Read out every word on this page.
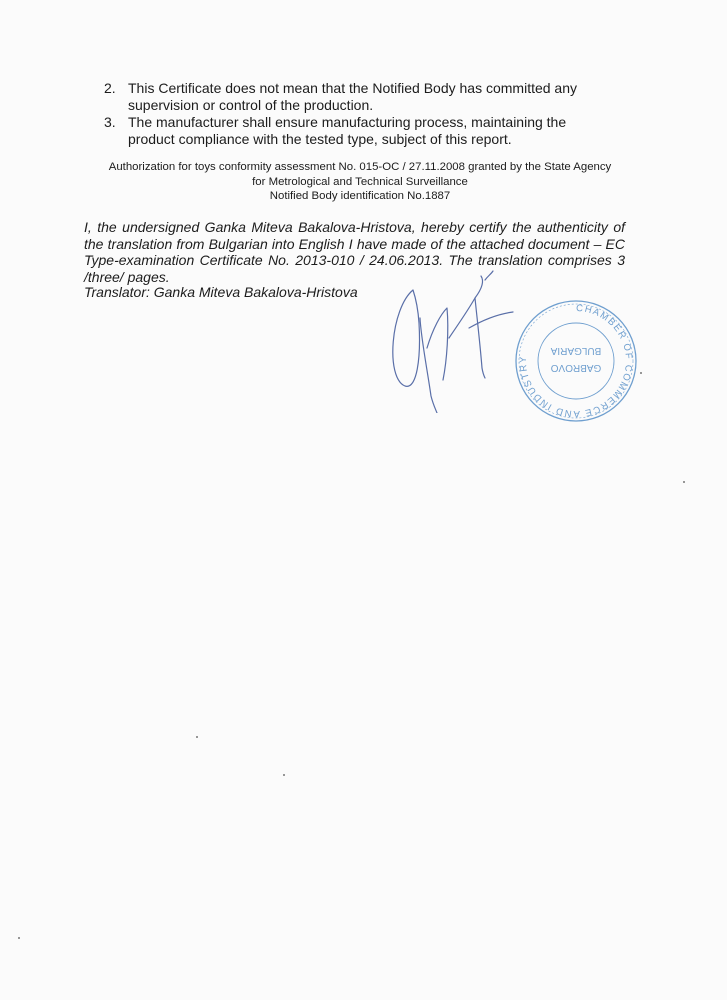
2. This Certificate does not mean that the Notified Body has committed any supervision or control of the production.
3. The manufacturer shall ensure manufacturing process, maintaining the product compliance with the tested type, subject of this report.
Authorization for toys conformity assessment No. 015-OC / 27.11.2008 granted by the State Agency
for Metrological and Technical Surveillance
Notified Body identification No.1887
I, the undersigned Ganka Miteva Bakalova-Hristova, hereby certify the authenticity of the translation from Bulgarian into English I have made of the attached document – EC Type-examination Certificate No. 2013-010 / 24.06.2013. The translation comprises 3 /three/ pages.
Translator: Ganka Miteva Bakalova-Hristova
CHAMBER OF COMMERCE AND INDUSTRY
GABROVO
BULGARIA
